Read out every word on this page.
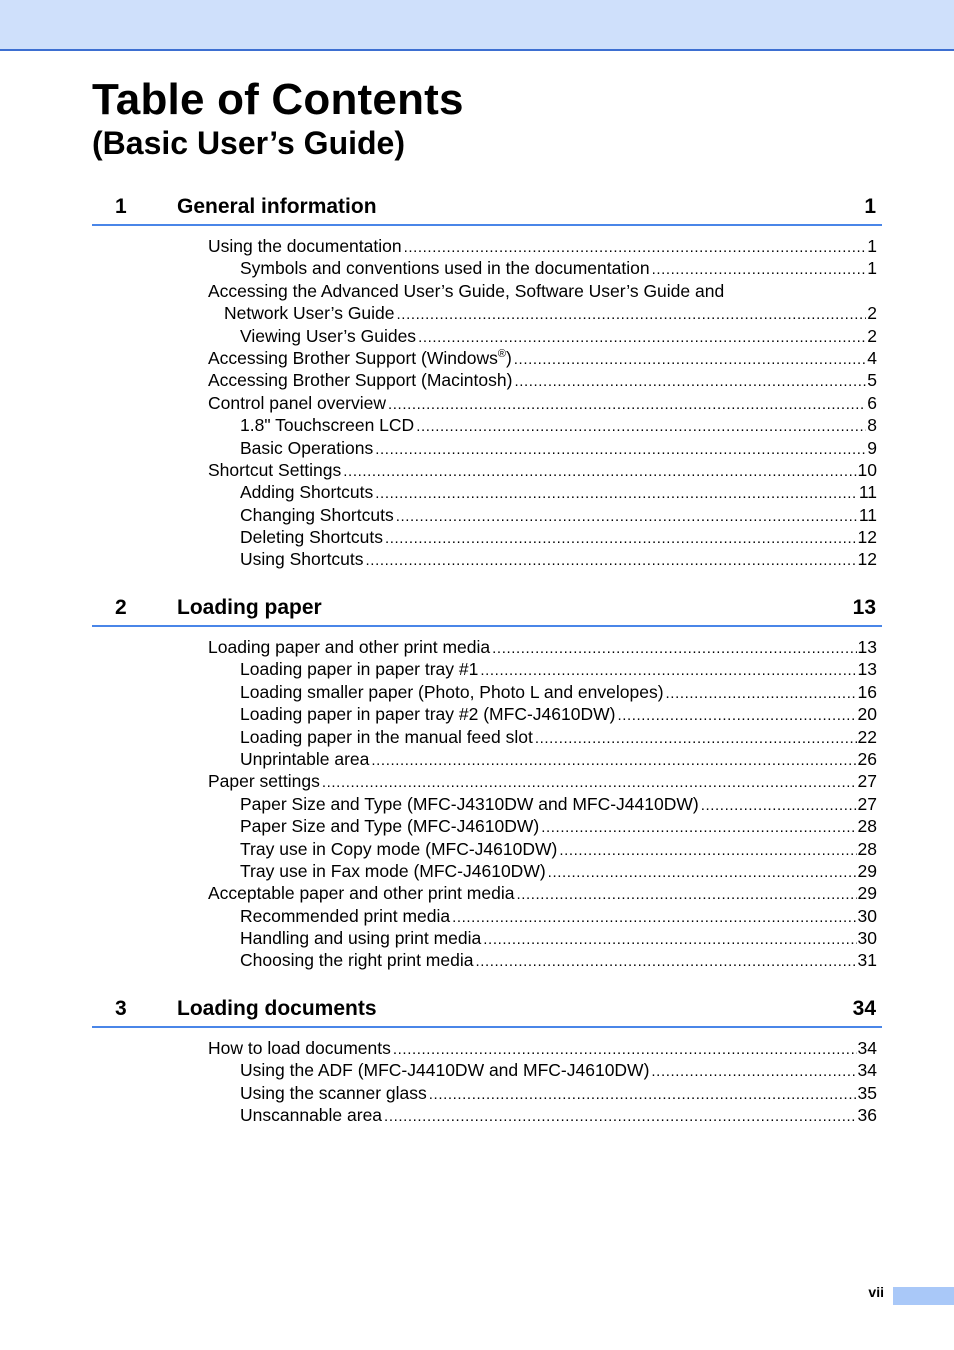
Table of Contents
(Basic User’s Guide)
1 General information	1
Using the documentation .....	1
Symbols and conventions used in the documentation .....	1
Accessing the Advanced User’s Guide, Software User’s Guide and
Network User’s Guide .....	2
Viewing User’s Guides .....	2
Accessing Brother Support (Windows®) .....	4
Accessing Brother Support (Macintosh) .....	5
Control panel overview .....	6
1.8" Touchscreen LCD .....	8
Basic Operations .....	9
Shortcut Settings .....	10
Adding Shortcuts .....	11
Changing Shortcuts .....	11
Deleting Shortcuts .....	12
Using Shortcuts .....	12
2 Loading paper	13
Loading paper and other print media .....	13
Loading paper in paper tray #1 .....	13
Loading smaller paper (Photo, Photo L and envelopes) .....	16
Loading paper in paper tray #2 (MFC-J4610DW) .....	20
Loading paper in the manual feed slot .....	22
Unprintable area .....	26
Paper settings .....	27
Paper Size and Type (MFC-J4310DW and MFC-J4410DW) .....	27
Paper Size and Type (MFC-J4610DW) .....	28
Tray use in Copy mode (MFC-J4610DW) .....	28
Tray use in Fax mode (MFC-J4610DW) .....	29
Acceptable paper and other print media .....	29
Recommended print media .....	30
Handling and using print media .....	30
Choosing the right print media .....	31
3 Loading documents	34
How to load documents .....	34
Using the ADF (MFC-J4410DW and MFC-J4610DW) .....	34
Using the scanner glass .....	35
Unscannable area .....	36
vii
